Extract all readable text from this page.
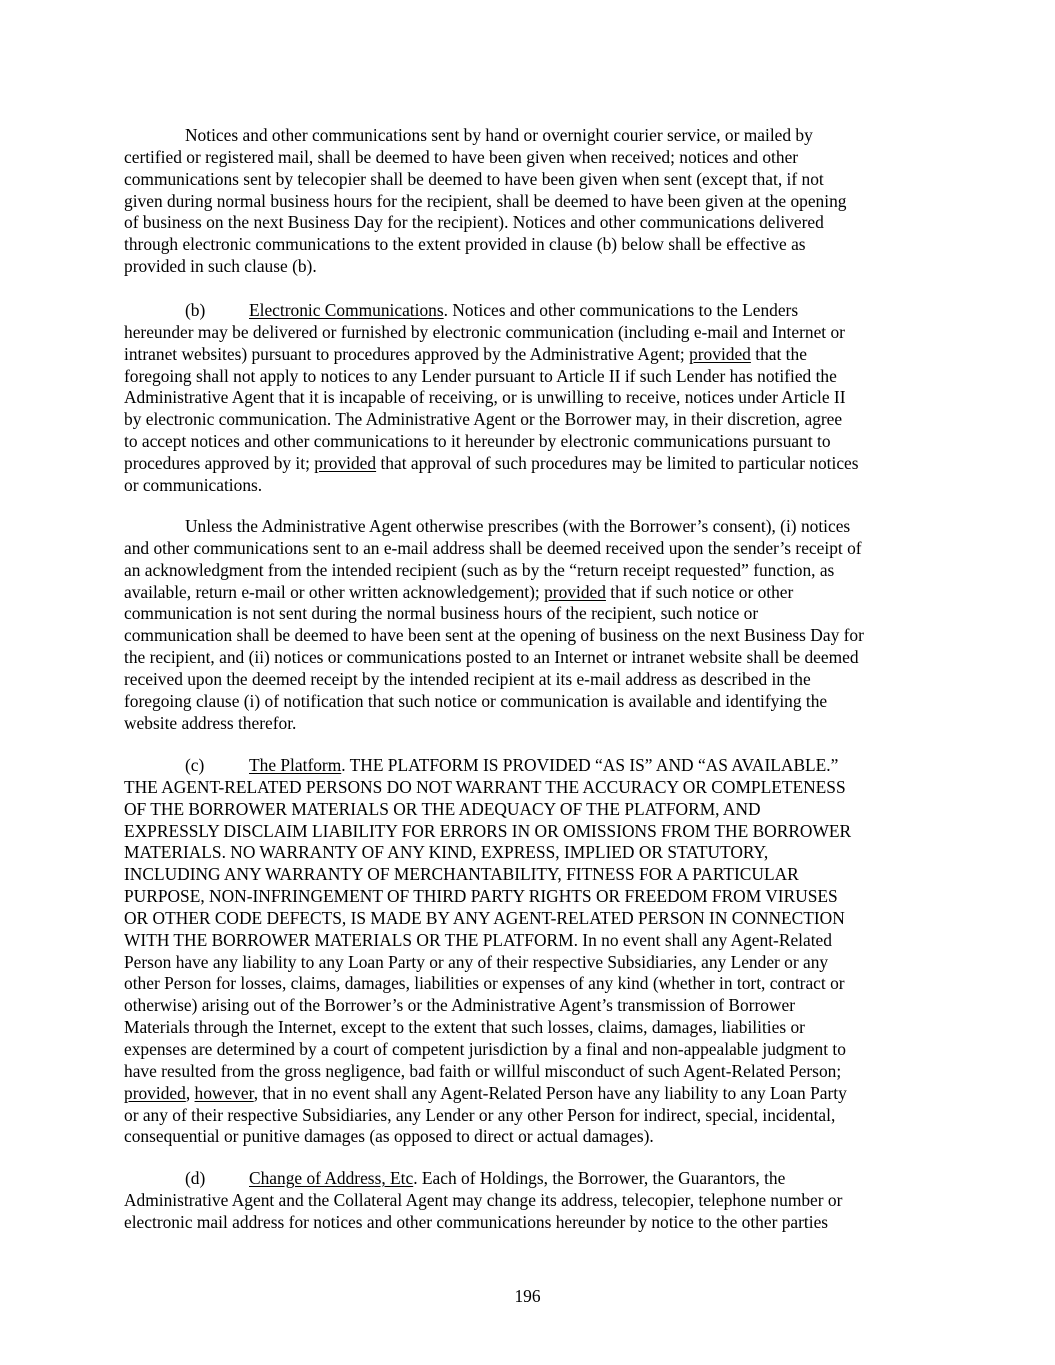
Notices and other communications sent by hand or overnight courier service, or mailed by
certified or registered mail, shall be deemed to have been given when received; notices and other
communications sent by telecopier shall be deemed to have been given when sent (except that, if not
given during normal business hours for the recipient, shall be deemed to have been given at the opening
of business on the next Business Day for the recipient). Notices and other communications delivered
through electronic communications to the extent provided in clause (b) below shall be effective as
provided in such clause (b).
(b)	Electronic Communications. Notices and other communications to the Lenders
hereunder may be delivered or furnished by electronic communication (including e-mail and Internet or
intranet websites) pursuant to procedures approved by the Administrative Agent; provided that the
foregoing shall not apply to notices to any Lender pursuant to Article II if such Lender has notified the
Administrative Agent that it is incapable of receiving, or is unwilling to receive, notices under Article II
by electronic communication. The Administrative Agent or the Borrower may, in their discretion, agree
to accept notices and other communications to it hereunder by electronic communications pursuant to
procedures approved by it; provided that approval of such procedures may be limited to particular notices
or communications.
Unless the Administrative Agent otherwise prescribes (with the Borrower’s consent), (i) notices
and other communications sent to an e-mail address shall be deemed received upon the sender’s receipt of
an acknowledgment from the intended recipient (such as by the “return receipt requested” function, as
available, return e-mail or other written acknowledgement); provided that if such notice or other
communication is not sent during the normal business hours of the recipient, such notice or
communication shall be deemed to have been sent at the opening of business on the next Business Day for
the recipient, and (ii) notices or communications posted to an Internet or intranet website shall be deemed
received upon the deemed receipt by the intended recipient at its e-mail address as described in the
foregoing clause (i) of notification that such notice or communication is available and identifying the
website address therefor.
(c)	The Platform. THE PLATFORM IS PROVIDED “AS IS” AND “AS AVAILABLE.”
THE AGENT-RELATED PERSONS DO NOT WARRANT THE ACCURACY OR COMPLETENESS
OF THE BORROWER MATERIALS OR THE ADEQUACY OF THE PLATFORM, AND
EXPRESSLY DISCLAIM LIABILITY FOR ERRORS IN OR OMISSIONS FROM THE BORROWER
MATERIALS. NO WARRANTY OF ANY KIND, EXPRESS, IMPLIED OR STATUTORY,
INCLUDING ANY WARRANTY OF MERCHANTABILITY, FITNESS FOR A PARTICULAR
PURPOSE, NON-INFRINGEMENT OF THIRD PARTY RIGHTS OR FREEDOM FROM VIRUSES
OR OTHER CODE DEFECTS, IS MADE BY ANY AGENT-RELATED PERSON IN CONNECTION
WITH THE BORROWER MATERIALS OR THE PLATFORM. In no event shall any Agent-Related
Person have any liability to any Loan Party or any of their respective Subsidiaries, any Lender or any
other Person for losses, claims, damages, liabilities or expenses of any kind (whether in tort, contract or
otherwise) arising out of the Borrower’s or the Administrative Agent’s transmission of Borrower
Materials through the Internet, except to the extent that such losses, claims, damages, liabilities or
expenses are determined by a court of competent jurisdiction by a final and non-appealable judgment to
have resulted from the gross negligence, bad faith or willful misconduct of such Agent-Related Person;
provided, however, that in no event shall any Agent-Related Person have any liability to any Loan Party
or any of their respective Subsidiaries, any Lender or any other Person for indirect, special, incidental,
consequential or punitive damages (as opposed to direct or actual damages).
(d)	Change of Address, Etc. Each of Holdings, the Borrower, the Guarantors, the
Administrative Agent and the Collateral Agent may change its address, telecopier, telephone number or
electronic mail address for notices and other communications hereunder by notice to the other parties
196
